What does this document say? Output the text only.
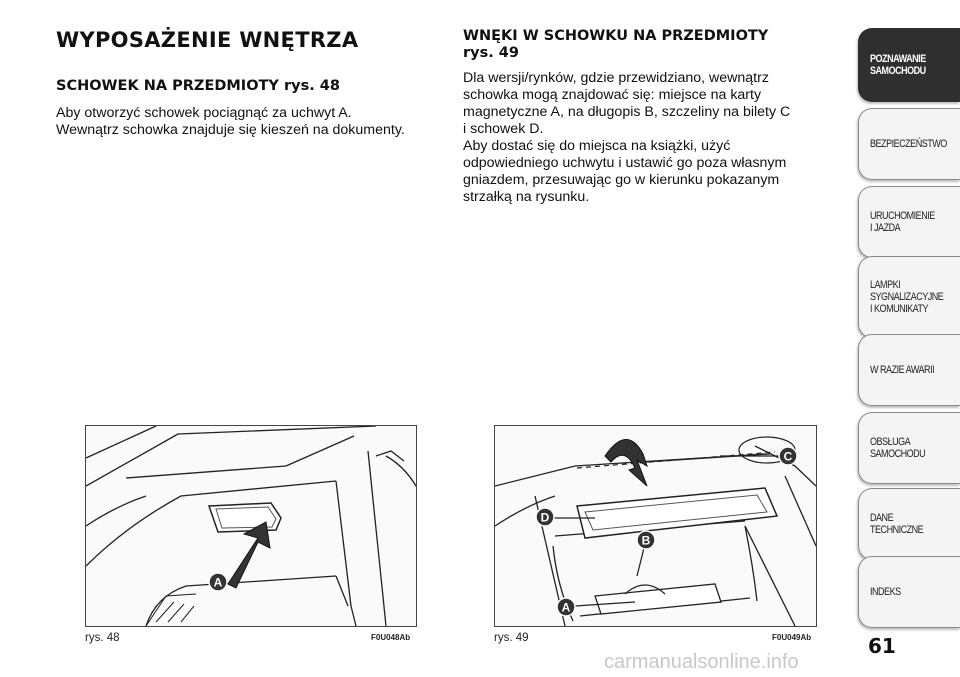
WYPOSAŻENIE WNĘTRZA
SCHOWEK NA PRZEDMIOTY rys. 48

Aby otworzyć schowek pociągnąć za uchwyt A.
Wewnątrz schowka znajduje się kieszeń na dokumenty.

WNĘKI W SCHOWKU NA PRZEDMIOTY
rys. 49

Dla wersji/rynków, gdzie przewidziano, wewnątrz
schowka mogą znajdować się: miejsce na karty
magnetyczne A, na długopis B, szczeliny na bilety C
i schowek D.
Aby dostać się do miejsca na książki, użyć
odpowiedniego uchwytu i ustawić go poza własnym
gniazdem, przesuwając go w kierunku pokazanym
strzałką na rysunku.

A
rys. 48	F0U048Ab
C
D
B
A
rys. 49	F0U049Ab
POZNAWANIE
SAMOCHODU
BEZPIECZEŃSTWO
URUCHOMIENIE
I JAZDA
LAMPKI
SYGNALIZACYJNE
I KOMUNIKATY
W RAZIE AWARII
OBSŁUGA
SAMOCHODU
DANE
TECHNICZNE
INDEKS
61
carmanualsonline.info
